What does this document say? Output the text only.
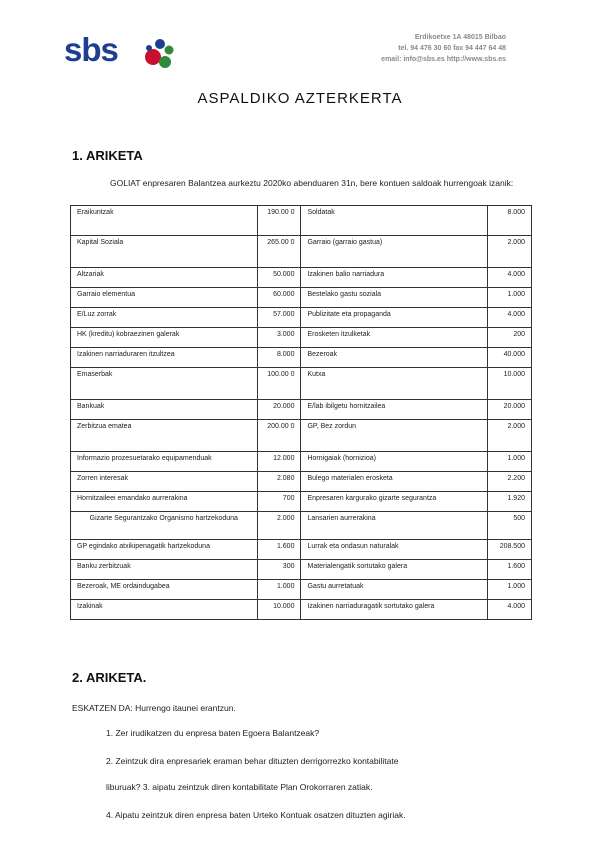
sbs	Erdikoetxe 1A 48015 Bilbao
tel. 94 476 30 60 fax 94 447 64 48
email: info@sbs.es http://www.sbs.es
ASPALDIKO AZTERKERTA
1. ARIKETA
GOLIAT enpresaren Balantzea aurkeztu 2020ko abenduaren 31n, bere kontuen saldoak hurrengoak izanik:
Eraikuntzak	190.00 0	Soldatak	8.000
Kapital Soziala	265.00 0	Garraio (garraio gastua)	2.000
Altzariak	50.000	Izakinen balio narriadura	4.000
Garraio elementua	60.000	Bestelako gastu soziala	1.000
E/Luz zorrak	57.000	Publizitate eta propaganda	4.000
HK (kreditu) kobraezinen galerak	3.000	Erosketen itzulketak	200
Izakinen narriaduraren itzultzea	8.000	Bezeroak	40.000
Emaserbak	100.00 0	Kutxa	10.000
Bankuak	20.000	E/lab ibilgetu hornitzailea	20.000
Zerbitzua ematea	200.00 0	GP, Bez zordun	2.000
Informazio prozesuetarako equipamenduak	12.000	Hornigaiak (hornizioa)	1.000
Zorren interesak	2.080	Bulego materialen erosketa	2.200
Hornitzaileei emandako aurrerakina	700	Enpresaren kargurako gizarte segurantza	1.920
Gizarte Segurantzako Organismo hartzekoduna	2.000	Lansarien aurrerakina	500
GP egindako atxikipenagatik hartzekoduna	1.600	Lurrak eta ondasun naturalak	208.500
Banku zerbitzuak	300	Materialengatik sortutako galera	1.600
Bezeroak, ME ordaindugabea	1.000	Gastu aurretatuak	1.000
Izakinak	10.000	Izakinen narriaduragatik sortutako galera	4.000
2. ARIKETA.
ESKATZEN DA: Hurrengo itaunei erantzun.
1. Zer irudikatzen du enpresa baten Egoera Balantzeak?
2. Zeintzuk dira enpresariek eraman behar dituzten derrigorrezko kontabilitate
liburuak? 3. aipatu zeintzuk diren kontabilitate Plan Orokorraren zatiak.
4. Aipatu zeintzuk diren enpresa baten Urteko Kontuak osatzen dituzten agiriak.
